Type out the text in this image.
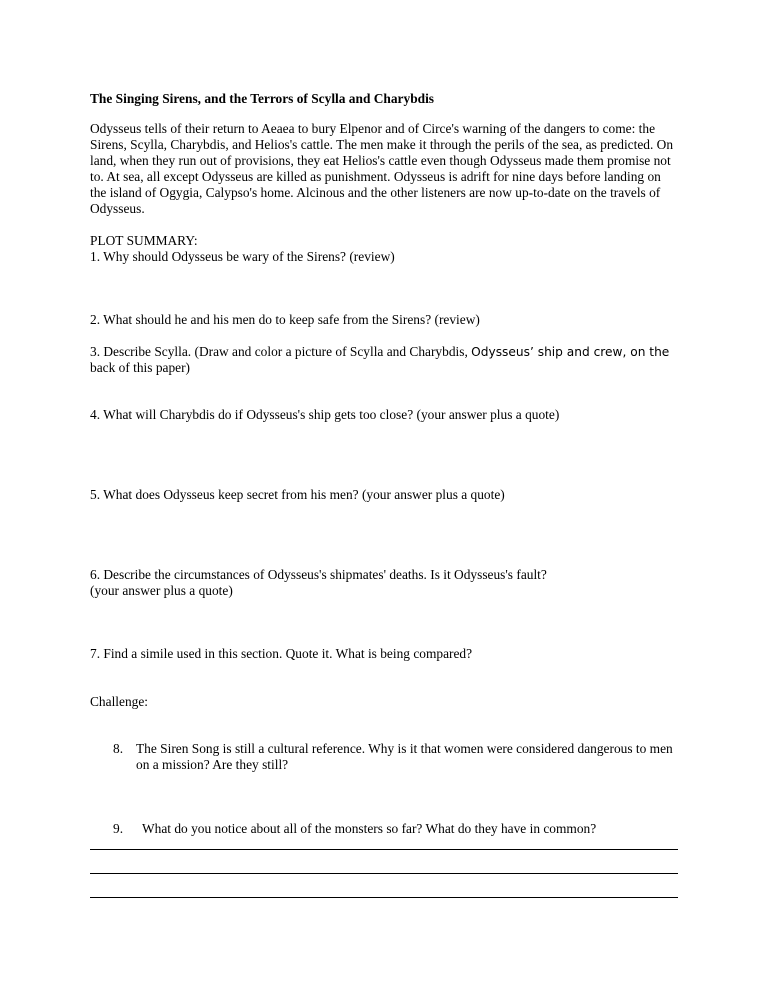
The Singing Sirens, and the Terrors of Scylla and Charybdis
Odysseus tells of their return to Aeaea to bury Elpenor and of Circe's warning of the dangers to come: the Sirens, Scylla, Charybdis, and Helios's cattle. The men make it through the perils of the sea, as predicted. On land, when they run out of provisions, they eat Helios's cattle even though Odysseus made them promise not to. At sea, all except Odysseus are killed as punishment. Odysseus is adrift for nine days before landing on the island of Ogygia, Calypso's home. Alcinous and the other listeners are now up-to-date on the travels of Odysseus.
PLOT SUMMARY:
1. Why should Odysseus be wary of the Sirens? (review)
2. What should he and his men do to keep safe from the Sirens? (review)
3. Describe Scylla. (Draw and color a picture of Scylla and Charybdis, Odysseus’ ship and crew, on the
back of this paper)
4. What will Charybdis do if Odysseus's ship gets too close? (your answer plus a quote)
5. What does Odysseus keep secret from his men? (your answer plus a quote)
6. Describe the circumstances of Odysseus's shipmates' deaths. Is it Odysseus's fault?
(your answer plus a quote)
7. Find a simile used in this section. Quote it. What is being compared?
Challenge:
8. The Siren Song is still a cultural reference. Why is it that women were considered dangerous to men on a mission? Are they still?
9. What do you notice about all of the monsters so far? What do they have in common?
